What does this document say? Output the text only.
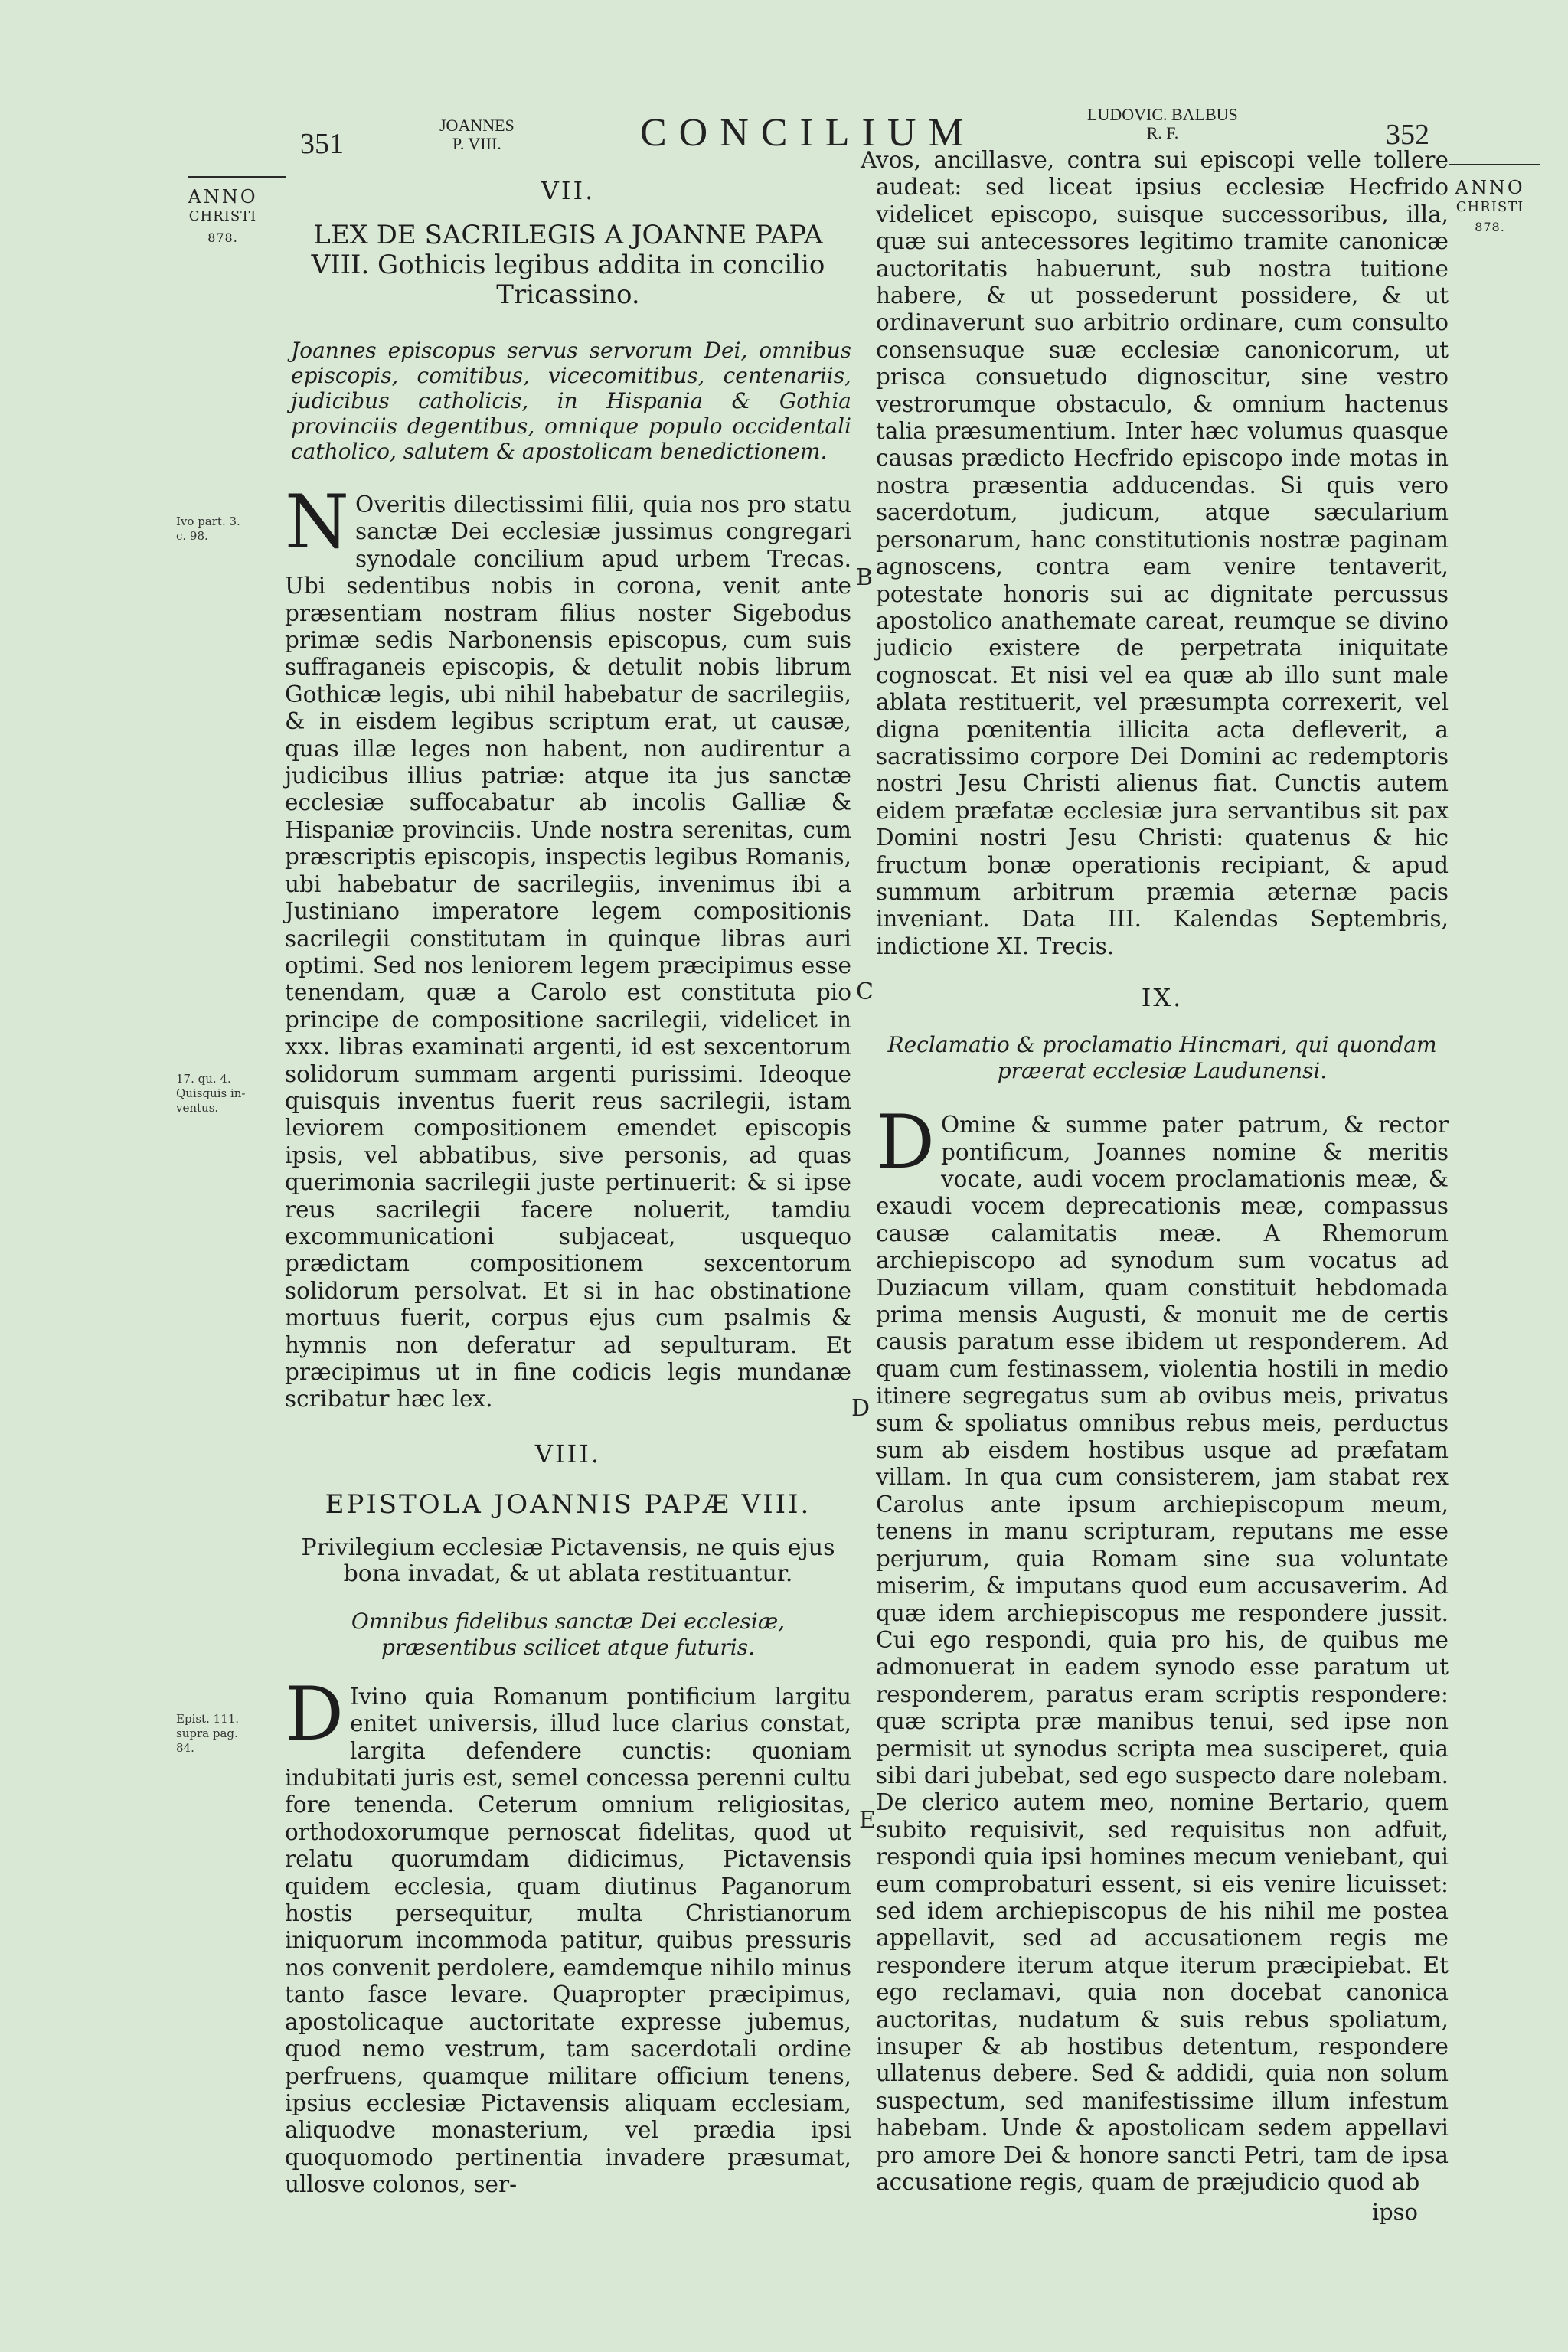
351
JOANNES
P. VIII.	CONCILIUM	LUDOVIC. BALBUS
R. F.	352
ANNO
CHRISTI
878.
ANNO
CHRISTI
878.
Ivo part. 3.
c. 98.
17. qu. 4.
Quisquis in-
ventus.
Epist. 111.
supra pag.
84.
A
B
C
D
E

VII.

LEX DE SACRILEGIS A JOANNE PAPA VIII. Gothicis legibus addita in concilio Tricassino.

Joannes episcopus servus servorum Dei, omnibus episcopis, comitibus, vicecomitibus, centenariis, judicibus catholicis, in Hispania & Gothia provinciis degentibus, omnique populo occidentali catholico, salutem & apostolicam benedictionem.

N Overitis dilectissimi filii, quia nos pro statu sanctæ Dei ecclesiæ jussimus congregari synodale concilium apud urbem Trecas. Ubi sedentibus nobis in corona, venit ante præsentiam nostram filius noster Sigebodus primæ sedis Narbonensis episcopus, cum suis suffraganeis episcopis, & detulit nobis librum Gothicæ legis, ubi nihil habebatur de sacrilegiis, & in eisdem legibus scriptum erat, ut causæ, quas illæ leges non habent, non audirentur a judicibus illius patriæ: atque ita jus sanctæ ecclesiæ suffocabatur ab incolis Galliæ & Hispaniæ provinciis. Unde nostra serenitas, cum præscriptis episcopis, inspectis legibus Romanis, ubi habebatur de sacrilegiis, invenimus ibi a Justiniano imperatore legem compositionis sacrilegii constitutam in quinque libras auri optimi. Sed nos leniorem legem præcipimus esse tenendam, quæ a Carolo est constituta pio principe de compositione sacrilegii, videlicet in xxx. libras examinati argenti, id est sexcentorum solidorum summam argenti purissimi. Ideoque quisquis inventus fuerit reus sacrilegii, istam leviorem compositionem emendet episcopis ipsis, vel abbatibus, sive personis, ad quas querimonia sacrilegii juste pertinuerit: & si ipse reus sacrilegii facere noluerit, tamdiu excommunicationi subjaceat, usquequo prædictam compositionem sexcentorum solidorum persolvat. Et si in hac obstinatione mortuus fuerit, corpus ejus cum psalmis & hymnis non deferatur ad sepulturam. Et præcipimus ut in fine codicis legis mundanæ scribatur hæc lex.

VIII.

EPISTOLA JOANNIS PAPÆ VIII.

Privilegium ecclesiæ Pictavensis, ne quis ejus bona invadat, & ut ablata restituantur.

Omnibus fidelibus sanctæ Dei ecclesiæ, præsentibus scilicet atque futuris.

D Ivino quia Romanum pontificium largitu enitet universis, illud luce clarius constat, largita defendere cunctis: quoniam indubitati juris est, semel concessa perenni cultu fore tenenda. Ceterum omnium religiositas, orthodoxorumque pernoscat fidelitas, quod ut relatu quorumdam didicimus, Pictavensis quidem ecclesia, quam diutinus Paganorum hostis persequitur, multa Christianorum iniquorum incommoda patitur, quibus pressuris nos convenit perdolere, eamdemque nihilo minus tanto fasce levare. Quapropter præcipimus, apostolicaque auctoritate expresse jubemus, quod nemo vestrum, tam sacerdotali ordine perfruens, quamque militare officium tenens, ipsius ecclesiæ Pictavensis aliquam ecclesiam, aliquodve monasterium, vel prædia ipsi quoquomodo pertinentia invadere præsumat, ullosve colonos, ser-

vos, ancillasve, contra sui episcopi velle tollere audeat: sed liceat ipsius ecclesiæ Hecfrido videlicet episcopo, suisque successoribus, illa, quæ sui antecessores legitimo tramite canonicæ auctoritatis habuerunt, sub nostra tuitione habere, & ut possederunt possidere, & ut ordinaverunt suo arbitrio ordinare, cum consulto consensuque suæ ecclesiæ canonicorum, ut prisca consuetudo dignoscitur, sine vestro vestrorumque obstaculo, & omnium hactenus talia præsumentium. Inter hæc volumus quasque causas prædicto Hecfrido episcopo inde motas in nostra præsentia adducendas. Si quis vero sacerdotum, judicum, atque sæcularium personarum, hanc constitutionis nostræ paginam agnoscens, contra eam venire tentaverit, potestate honoris sui ac dignitate percussus apostolico anathemate careat, reumque se divino judicio existere de perpetrata iniquitate cognoscat. Et nisi vel ea quæ ab illo sunt male ablata restituerit, vel præsumpta correxerit, vel digna pœnitentia illicita acta defleverit, a sacratissimo corpore Dei Domini ac redemptoris nostri Jesu Christi alienus fiat. Cunctis autem eidem præfatæ ecclesiæ jura servantibus sit pax Domini nostri Jesu Christi: quatenus & hic fructum bonæ operationis recipiant, & apud summum arbitrum præmia æternæ pacis inveniant. Data III. Kalendas Septembris, indictione XI. Trecis.

IX.

Reclamatio & proclamatio Hincmari, qui quondam præerat ecclesiæ Laudunensi.

D Omine & summe pater patrum, & rector pontificum, Joannes nomine & meritis vocate, audi vocem proclamationis meæ, & exaudi vocem deprecationis meæ, compassus causæ calamitatis meæ. A Rhemorum archiepiscopo ad synodum sum vocatus ad Duziacum villam, quam constituit hebdomada prima mensis Augusti, & monuit me de certis causis paratum esse ibidem ut responderem. Ad quam cum festinassem, violentia hostili in medio itinere segregatus sum ab ovibus meis, privatus sum & spoliatus omnibus rebus meis, perductus sum ab eisdem hostibus usque ad præfatam villam. In qua cum consisterem, jam stabat rex Carolus ante ipsum archiepiscopum meum, tenens in manu scripturam, reputans me esse perjurum, quia Romam sine sua voluntate miserim, & imputans quod eum accusaverim. Ad quæ idem archiepiscopus me respondere jussit. Cui ego respondi, quia pro his, de quibus me admonuerat in eadem synodo esse paratum ut responderem, paratus eram scriptis respondere: quæ scripta præ manibus tenui, sed ipse non permisit ut synodus scripta mea susciperet, quia sibi dari jubebat, sed ego suspecto dare nolebam. De clerico autem meo, nomine Bertario, quem subito requisivit, sed requisitus non adfuit, respondi quia ipsi homines mecum veniebant, qui eum comprobaturi essent, si eis venire licuisset: sed idem archiepiscopus de his nihil me postea appellavit, sed ad accusationem regis me respondere iterum atque iterum præcipiebat. Et ego reclamavi, quia non docebat canonica auctoritas, nudatum & suis rebus spoliatum, insuper & ab hostibus detentum, respondere ullatenus debere. Sed & addidi, quia non solum suspectum, sed manifestissime illum infestum habebam. Unde & apostolicam sedem appellavi pro amore Dei & honore sancti Petri, tam de ipsa accusatione regis, quam de præjudicio quod ab

ipso
